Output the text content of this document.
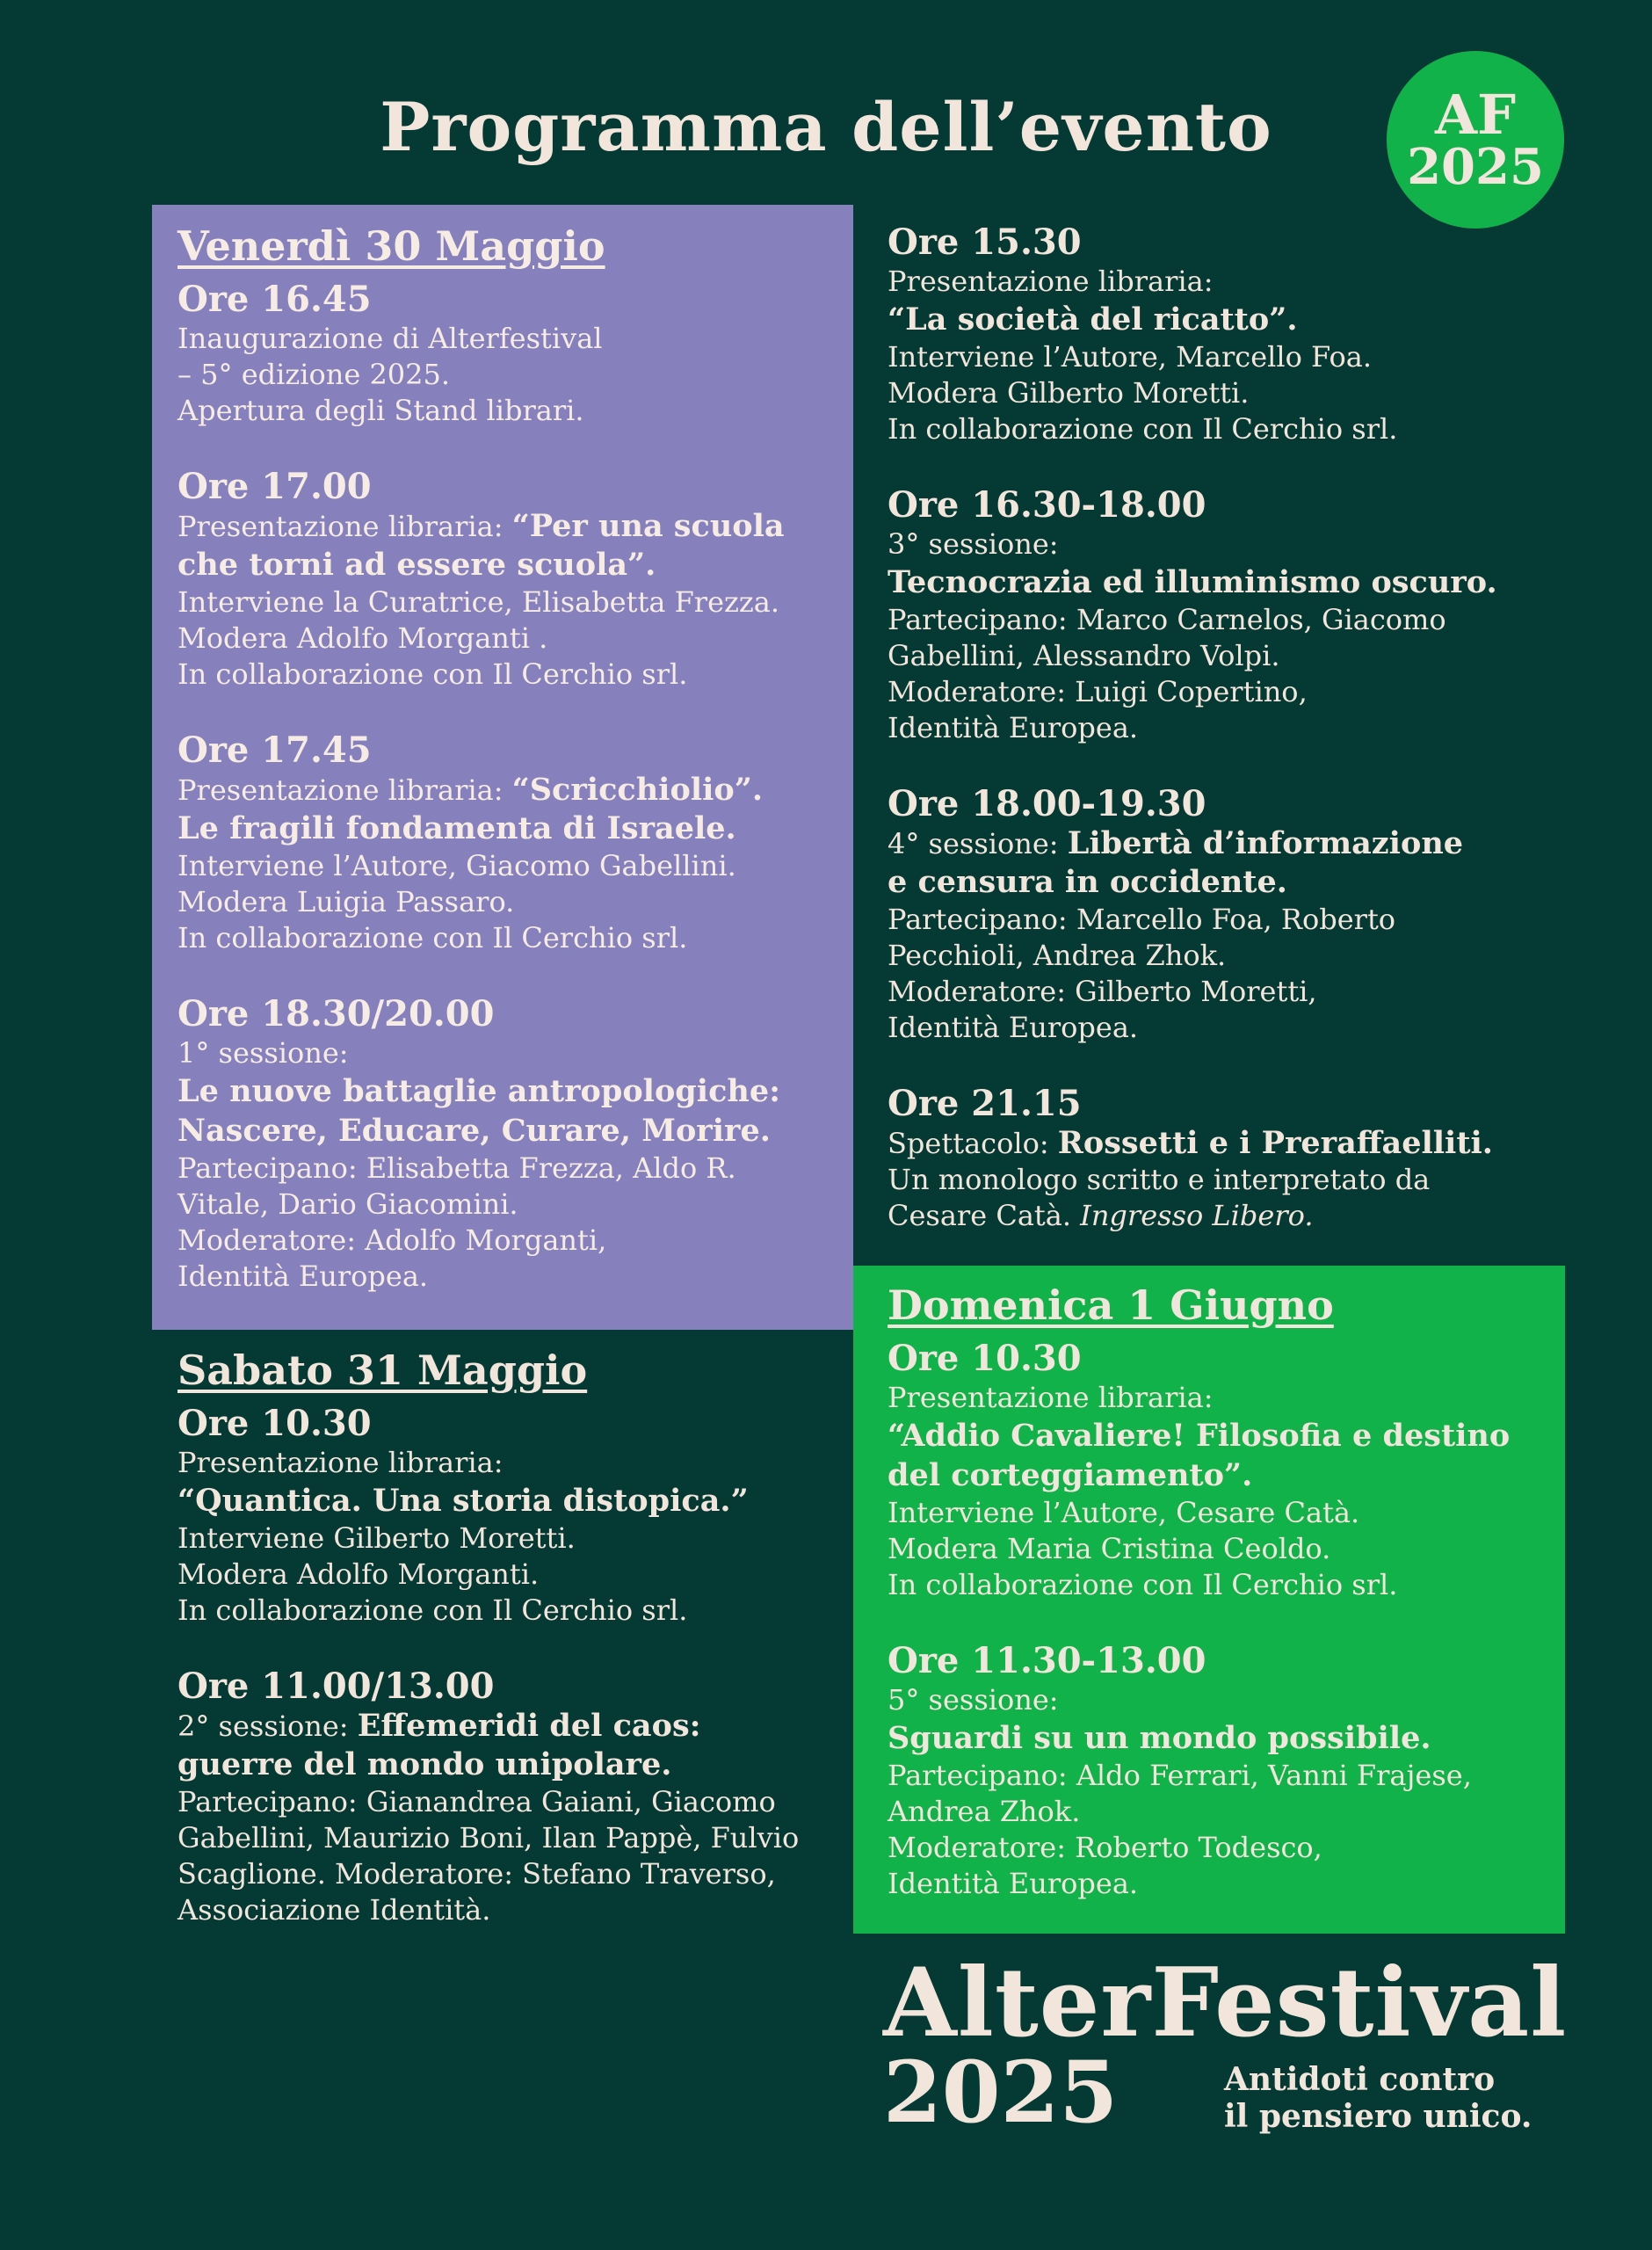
Programma dell’evento	AF
2025
Venerdì 30 Maggio
Ore 16.45
Inaugurazione di Alterfestival
– 5° edizione 2025.
Apertura degli Stand librari.
Ore 17.00
Presentazione libraria: “Per una scuola
che torni ad essere scuola”.
Interviene la Curatrice, Elisabetta Frezza.
Modera Adolfo Morganti .
In collaborazione con Il Cerchio srl.
Ore 17.45
Presentazione libraria: “Scricchiolio”.
Le fragili fondamenta di Israele.
Interviene l’Autore, Giacomo Gabellini.
Modera Luigia Passaro.
In collaborazione con Il Cerchio srl.
Ore 18.30/20.00
1° sessione:
Le nuove battaglie antropologiche:
Nascere, Educare, Curare, Morire.
Partecipano: Elisabetta Frezza, Aldo R.
Vitale, Dario Giacomini.
Moderatore: Adolfo Morganti,
Identità Europea.
Sabato 31 Maggio
Ore 10.30
Presentazione libraria:
“Quantica. Una storia distopica.”
Interviene Gilberto Moretti.
Modera Adolfo Morganti.
In collaborazione con Il Cerchio srl.
Ore 11.00/13.00
2° sessione: Effemeridi del caos:
guerre del mondo unipolare.
Partecipano: Gianandrea Gaiani, Giacomo
Gabellini, Maurizio Boni, Ilan Pappè, Fulvio
Scaglione. Moderatore: Stefano Traverso,
Associazione Identità.
Ore 15.30
Presentazione libraria:
“La società del ricatto”.
Interviene l’Autore, Marcello Foa.
Modera Gilberto Moretti.
In collaborazione con Il Cerchio srl.
Ore 16.30-18.00
3° sessione:
Tecnocrazia ed illuminismo oscuro.
Partecipano: Marco Carnelos, Giacomo
Gabellini, Alessandro Volpi.
Moderatore: Luigi Copertino,
Identità Europea.
Ore 18.00-19.30
4° sessione: Libertà d’informazione
e censura in occidente.
Partecipano: Marcello Foa, Roberto
Pecchioli, Andrea Zhok.
Moderatore: Gilberto Moretti,
Identità Europea.
Ore 21.15
Spettacolo: Rossetti e i Preraffaelliti.
Un monologo scritto e interpretato da
Cesare Catà. Ingresso Libero.
Domenica 1 Giugno
Ore 10.30
Presentazione libraria:
“Addio Cavaliere! Filosofia e destino
del corteggiamento”.
Interviene l’Autore, Cesare Catà.
Modera Maria Cristina Ceoldo.
In collaborazione con Il Cerchio srl.
Ore 11.30-13.00
5° sessione:
Sguardi su un mondo possibile.
Partecipano: Aldo Ferrari, Vanni Frajese,
Andrea Zhok.
Moderatore: Roberto Todesco,
Identità Europea.
AlterFestival
2025	Antidoti contro
il pensiero unico.
